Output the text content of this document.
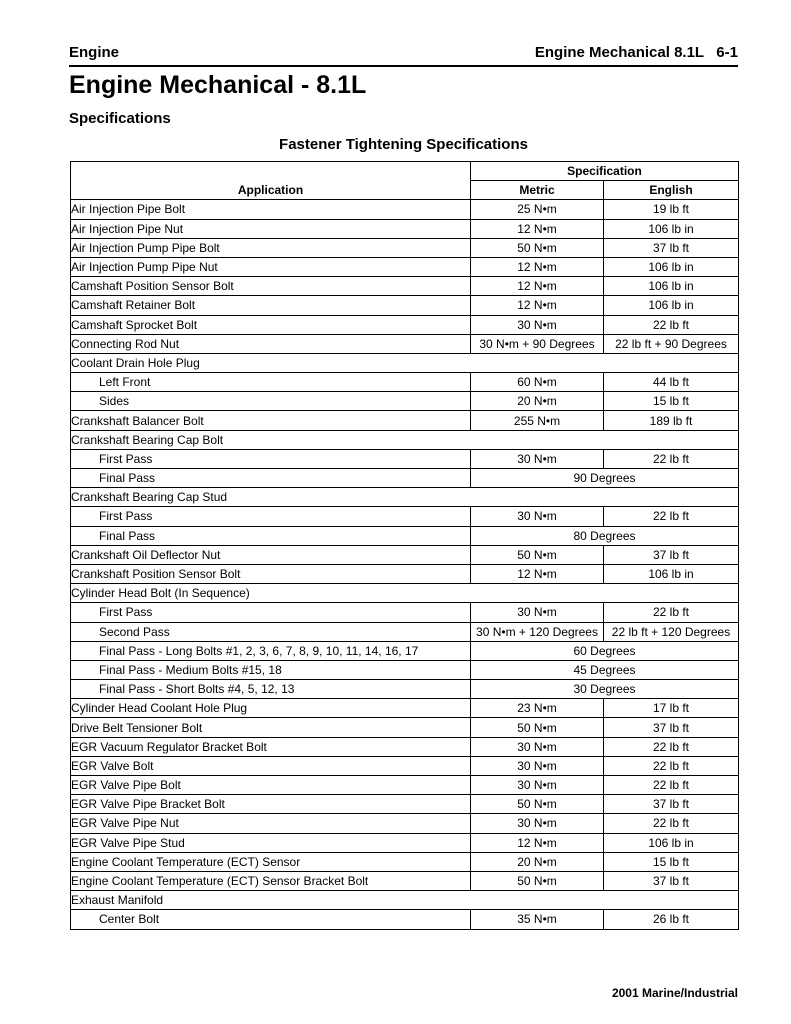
Engine	Engine Mechanical 8.1L   6-1
Engine Mechanical - 8.1L
Specifications
Fastener Tightening Specifications
Application	Specification	
	Metric	English
Air Injection Pipe Bolt	25 N•m	19 lb ft
Air Injection Pipe Nut	12 N•m	106 lb in
Air Injection Pump Pipe Bolt	50 N•m	37 lb ft
Air Injection Pump Pipe Nut	12 N•m	106 lb in
Camshaft Position Sensor Bolt	12 N•m	106 lb in
Camshaft Retainer Bolt	12 N•m	106 lb in
Camshaft Sprocket Bolt	30 N•m	22 lb ft
Connecting Rod Nut	30 N•m + 90 Degrees	22 lb ft + 90 Degrees
Coolant Drain Hole Plug		
Left Front	60 N•m	44 lb ft
Sides	20 N•m	15 lb ft
Crankshaft Balancer Bolt	255 N•m	189 lb ft
Crankshaft Bearing Cap Bolt		
First Pass	30 N•m	22 lb ft
Final Pass	90 Degrees	
Crankshaft Bearing Cap Stud		
First Pass	30 N•m	22 lb ft
Final Pass	80 Degrees	
Crankshaft Oil Deflector Nut	50 N•m	37 lb ft
Crankshaft Position Sensor Bolt	12 N•m	106 lb in
Cylinder Head Bolt (In Sequence)		
First Pass	30 N•m	22 lb ft
Second Pass	30 N•m + 120 Degrees	22 lb ft + 120 Degrees
Final Pass - Long Bolts #1, 2, 3, 6, 7, 8, 9, 10, 11, 14, 16, 17	60 Degrees	
Final Pass - Medium Bolts #15, 18	45 Degrees	
Final Pass - Short Bolts #4, 5, 12, 13	30 Degrees	
Cylinder Head Coolant Hole Plug	23 N•m	17 lb ft
Drive Belt Tensioner Bolt	50 N•m	37 lb ft
EGR Vacuum Regulator Bracket Bolt	30 N•m	22 lb ft
EGR Valve Bolt	30 N•m	22 lb ft
EGR Valve Pipe Bolt	30 N•m	22 lb ft
EGR Valve Pipe Bracket Bolt	50 N•m	37 lb ft
EGR Valve Pipe Nut	30 N•m	22 lb ft
EGR Valve Pipe Stud	12 N•m	106 lb in
Engine Coolant Temperature (ECT) Sensor	20 N•m	15 lb ft
Engine Coolant Temperature (ECT) Sensor Bracket Bolt	50 N•m	37 lb ft
Exhaust Manifold		
Center Bolt	35 N•m	26 lb ft
2001 Marine/Industrial
